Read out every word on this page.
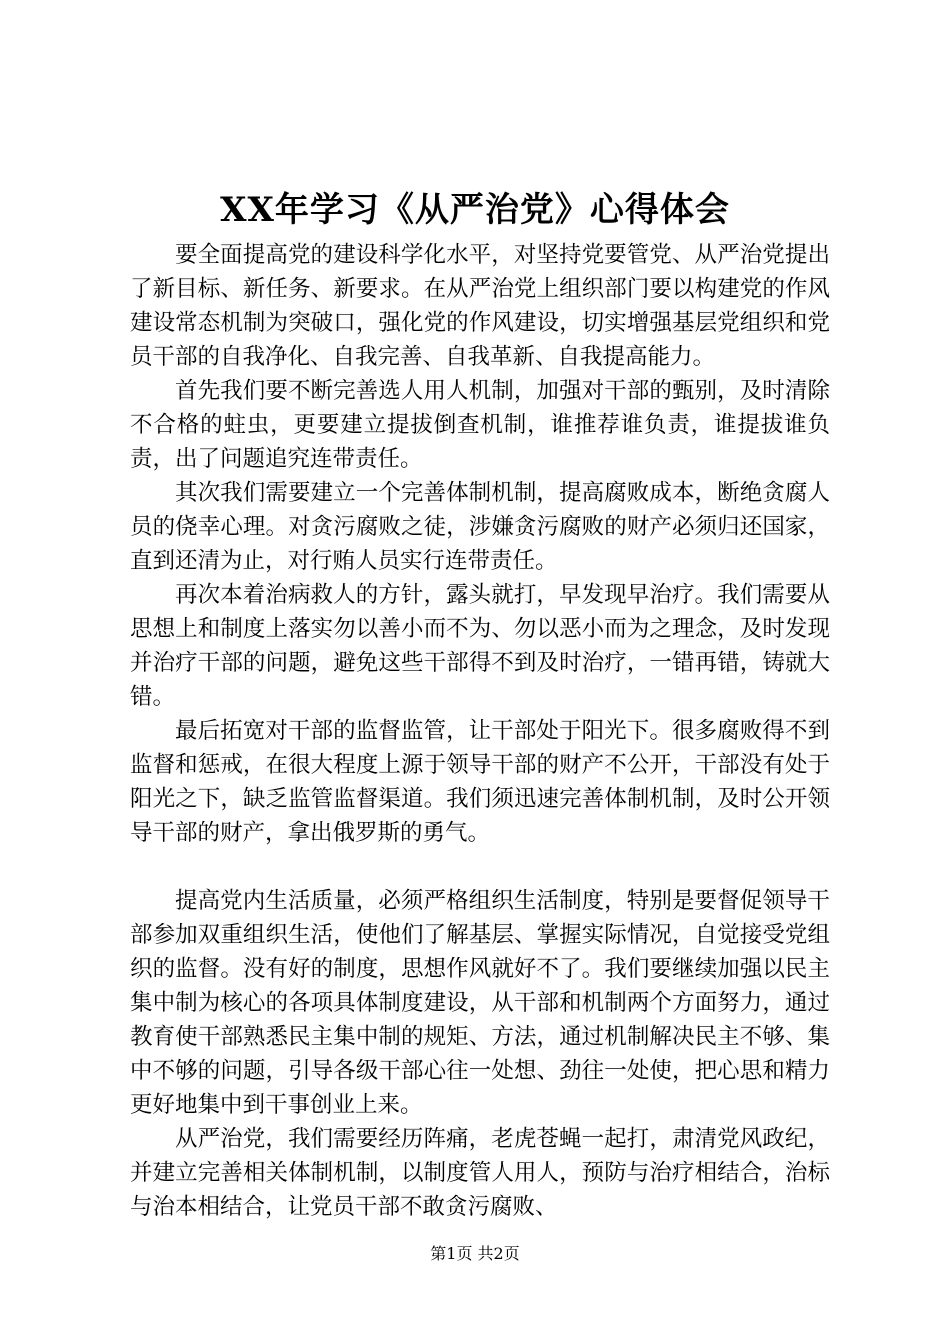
XX年学习《从严治党》心得体会

要全面提高党的建设科学化水平，对坚持党要管党、从严治党提出了新目标、新任务、新要求。在从严治党上组织部门要以构建党的作风建设常态机制为突破口，强化党的作风建设，切实增强基层党组织和党员干部的自我净化、自我完善、自我革新、自我提高能力。

首先我们要不断完善选人用人机制，加强对干部的甄别，及时清除不合格的蛀虫，更要建立提拔倒查机制，谁推荐谁负责，谁提拔谁负责，出了问题追究连带责任。

其次我们需要建立一个完善体制机制，提高腐败成本，断绝贪腐人员的侥幸心理。对贪污腐败之徒，涉嫌贪污腐败的财产必须归还国家，直到还清为止，对行贿人员实行连带责任。

再次本着治病救人的方针，露头就打，早发现早治疗。我们需要从思想上和制度上落实勿以善小而不为、勿以恶小而为之理念，及时发现并治疗干部的问题，避免这些干部得不到及时治疗，一错再错，铸就大错。

最后拓宽对干部的监督监管，让干部处于阳光下。很多腐败得不到监督和惩戒，在很大程度上源于领导干部的财产不公开，干部没有处于阳光之下，缺乏监管监督渠道。我们须迅速完善体制机制，及时公开领导干部的财产，拿出俄罗斯的勇气。

提高党内生活质量，必须严格组织生活制度，特别是要督促领导干部参加双重组织生活，使他们了解基层、掌握实际情况，自觉接受党组织的监督。没有好的制度，思想作风就好不了。我们要继续加强以民主集中制为核心的各项具体制度建设，从干部和机制两个方面努力，通过教育使干部熟悉民主集中制的规矩、方法，通过机制解决民主不够、集中不够的问题，引导各级干部心往一处想、劲往一处使，把心思和精力更好地集中到干事创业上来。

从严治党，我们需要经历阵痛，老虎苍蝇一起打，肃清党风政纪，并建立完善相关体制机制，以制度管人用人，预防与治疗相结合，治标与治本相结合，让党员干部不敢贪污腐败、

第1页 共2页
